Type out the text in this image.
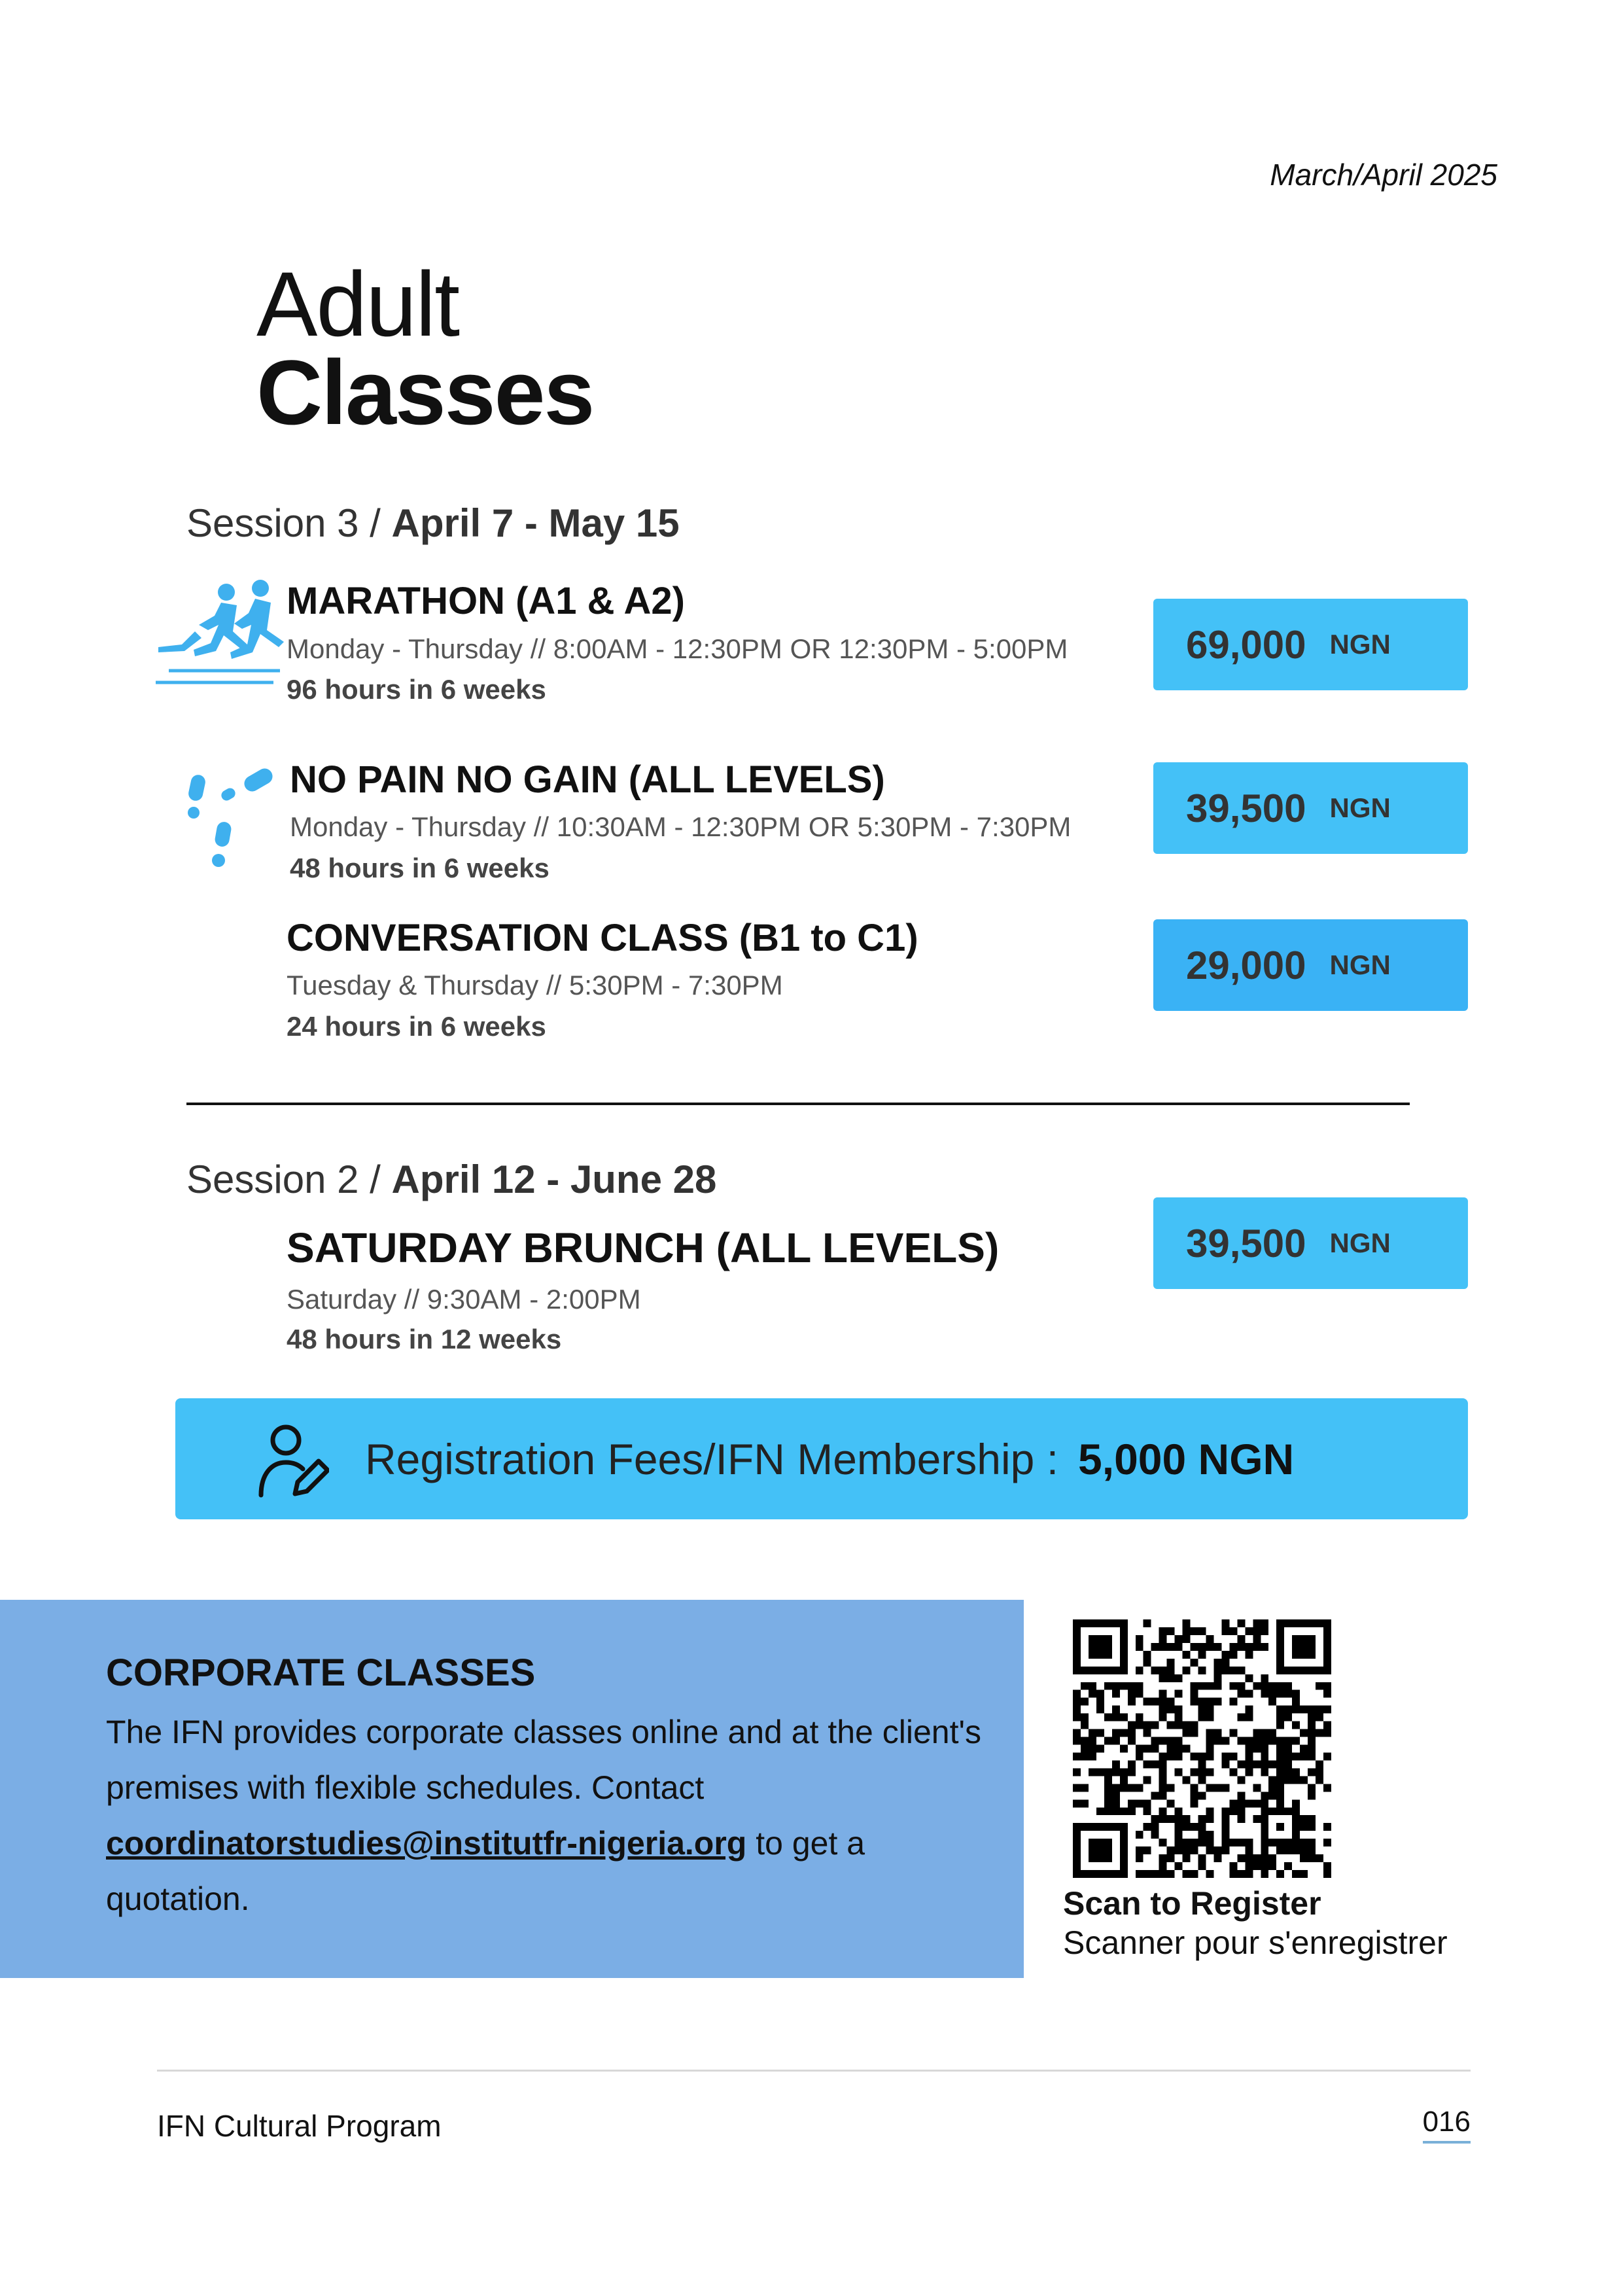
March/April 2025
Adult
Classes
Session 3 / April 7 - May 15
MARATHON (A1 & A2)
Monday - Thursday // 8:00AM - 12:30PM OR 12:30PM - 5:00PM
96 hours in 6 weeks
69,000 NGN
NO PAIN NO GAIN (ALL LEVELS)
Monday - Thursday // 10:30AM - 12:30PM OR 5:30PM - 7:30PM
48 hours in 6 weeks
39,500 NGN
CONVERSATION CLASS (B1 to C1)
Tuesday & Thursday // 5:30PM - 7:30PM
24 hours in 6 weeks
29,000 NGN
Session 2 / April 12 - June 28
SATURDAY BRUNCH (ALL LEVELS)
Saturday // 9:30AM - 2:00PM
48 hours in 12 weeks
39,500 NGN
Registration Fees/IFN Membership : 5,000 NGN
CORPORATE CLASSES

The IFN provides corporate classes online and at the client's premises with flexible schedules. Contact coordinatorstudies@institutfr-nigeria.org to get a quotation.	Scan to Register
Scanner pour s'enregistrer
IFN Cultural Program	016
